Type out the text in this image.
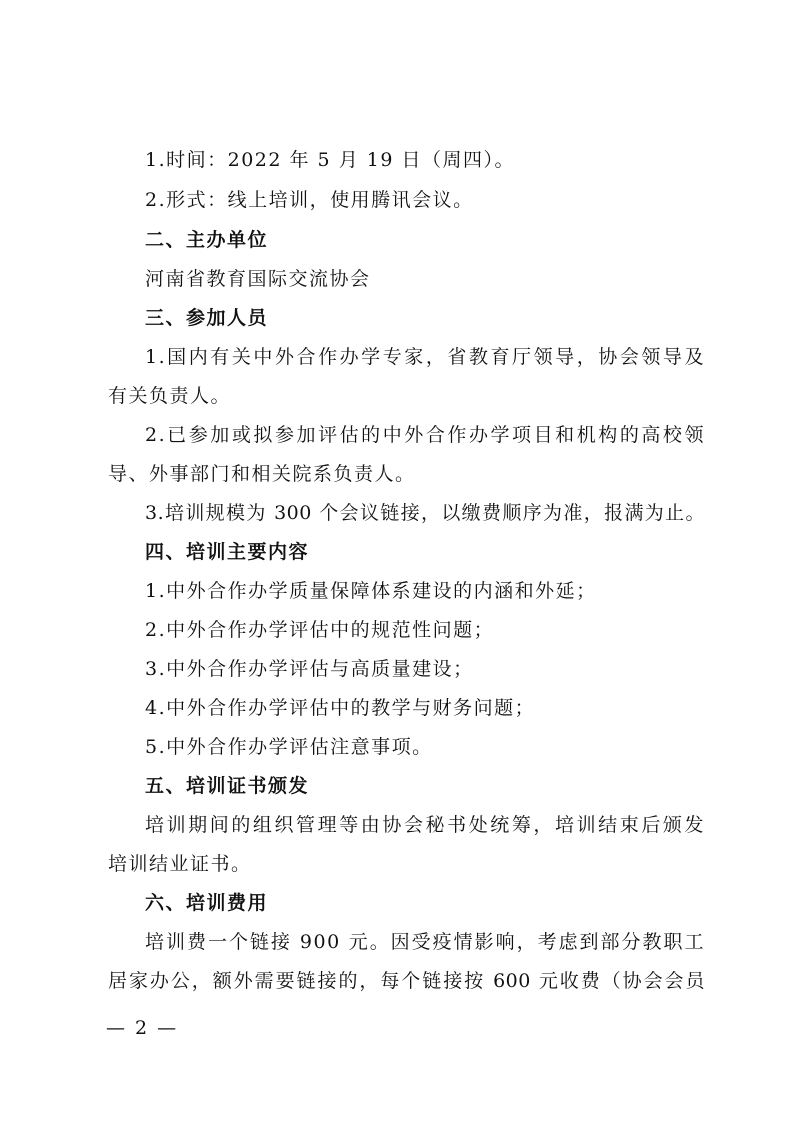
1.时间：2022 年 5 月 19 日（周四）。
2.形式：线上培训，使用腾讯会议。
二、主办单位
河南省教育国际交流协会
三、参加人员
1.国内有关中外合作办学专家，省教育厅领导，协会领导及
有关负责人。
2.已参加或拟参加评估的中外合作办学项目和机构的高校领
导、外事部门和相关院系负责人。
3.培训规模为 300 个会议链接，以缴费顺序为准，报满为止。
四、培训主要内容
1.中外合作办学质量保障体系建设的内涵和外延；
2.中外合作办学评估中的规范性问题；
3.中外合作办学评估与高质量建设；
4.中外合作办学评估中的教学与财务问题；
5.中外合作办学评估注意事项。
五、培训证书颁发
培训期间的组织管理等由协会秘书处统筹，培训结束后颁发
培训结业证书。
六、培训费用
培训费一个链接 900 元。因受疫情影响，考虑到部分教职工
居家办公，额外需要链接的，每个链接按 600 元收费（协会会员
— 2 —
